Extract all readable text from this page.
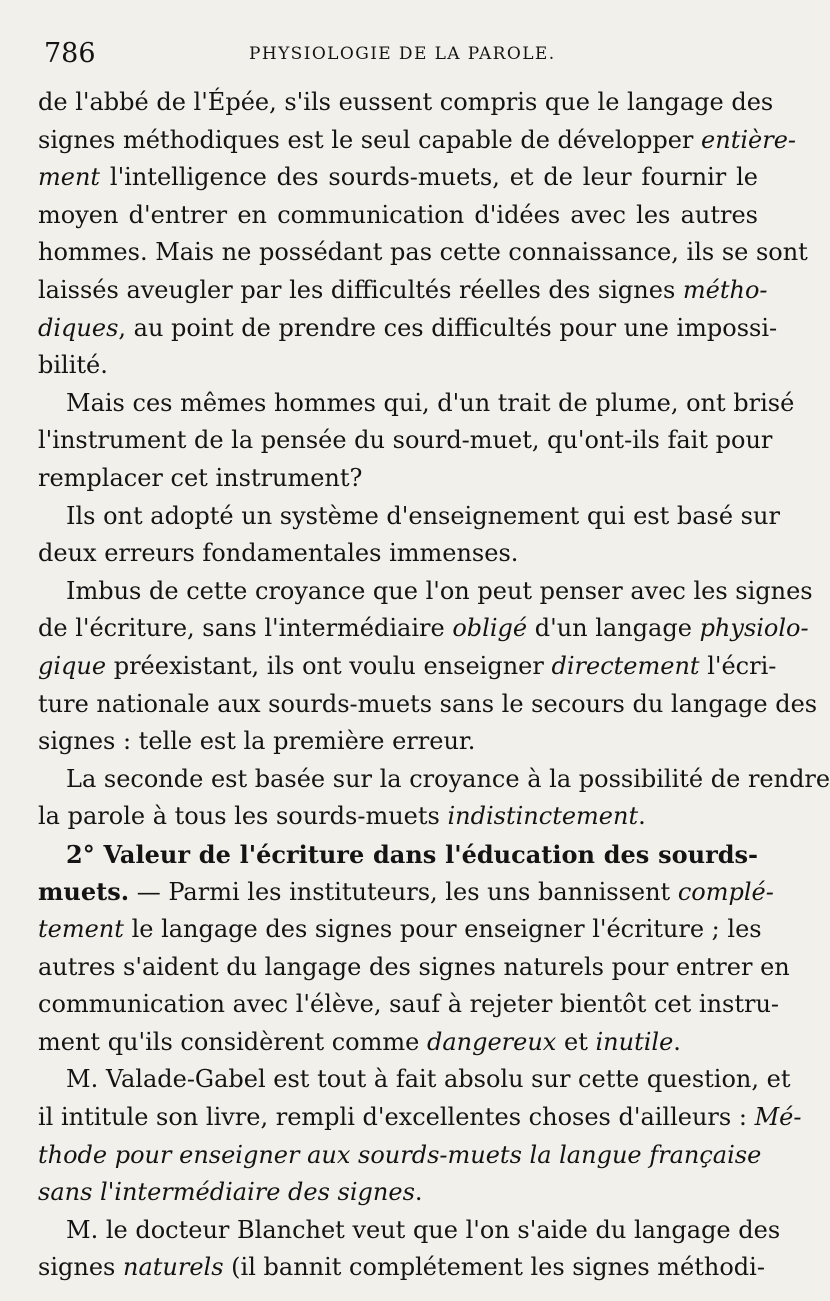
786	PHYSIOLOGIE DE LA PAROLE.
de l'abbé de l'Épée, s'ils eussent compris que le langage des
signes méthodiques est le seul capable de développer entière-
ment l'intelligence des sourds-muets, et de leur fournir le
moyen d'entrer en communication d'idées avec les autres
hommes. Mais ne possédant pas cette connaissance, ils se sont
laissés aveugler par les difficultés réelles des signes métho-
diques, au point de prendre ces difficultés pour une impossi-
bilité.
Mais ces mêmes hommes qui, d'un trait de plume, ont brisé
l'instrument de la pensée du sourd-muet, qu'ont-ils fait pour
remplacer cet instrument?
Ils ont adopté un système d'enseignement qui est basé sur
deux erreurs fondamentales immenses.
Imbus de cette croyance que l'on peut penser avec les signes
de l'écriture, sans l'intermédiaire obligé d'un langage physiolo-
gique préexistant, ils ont voulu enseigner directement l'écri-
ture nationale aux sourds-muets sans le secours du langage des
signes : telle est la première erreur.
La seconde est basée sur la croyance à la possibilité de rendre
la parole à tous les sourds-muets indistinctement.
2° Valeur de l'écriture dans l'éducation des sourds-
muets. — Parmi les instituteurs, les uns bannissent complé-
tement le langage des signes pour enseigner l'écriture ; les
autres s'aident du langage des signes naturels pour entrer en
communication avec l'élève, sauf à rejeter bientôt cet instru-
ment qu'ils considèrent comme dangereux et inutile.
M. Valade-Gabel est tout à fait absolu sur cette question, et
il intitule son livre, rempli d'excellentes choses d'ailleurs : Mé-
thode pour enseigner aux sourds-muets la langue française
sans l'intermédiaire des signes.
M. le docteur Blanchet veut que l'on s'aide du langage des
signes naturels (il bannit complétement les signes méthodi-
